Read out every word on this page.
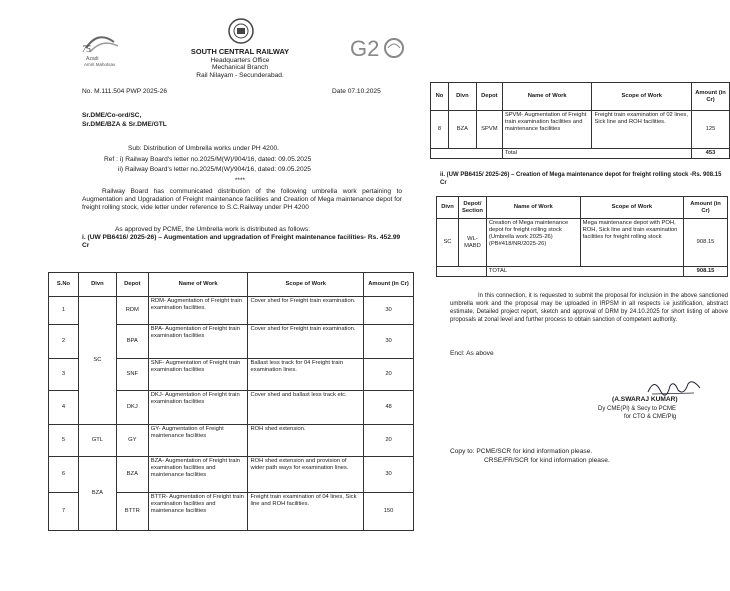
75
Azadi
Amrit Mahotsav
G2
SOUTH CENTRAL RAILWAY
Headquarters Office
Mechanical Branch
Rail Nilayam - Secunderabad.
No. M.111.504 PWP 2025-26	Date 07.10.2025
Sr.DME/Co-ord/SC,
Sr.DME/BZA & Sr.DME/GTL
Sub: Distribution of Umbrella works under PH 4200.
Ref : i) Railway Board's letter no.2025/M(W)/904/16, dated: 09.05.2025
ii) Railway Board's letter no.2025/M(W)/904/16, dated: 09.05.2025
****
Railway Board has communicated distribution of the following umbrella work pertaining to Augmentation and Upgradation of Freight maintenance facilities and Creation of Mega maintenance depot for freight rolling stock, vide letter under reference to S.C.Railway under PH 4200
As approved by PCME, the Umbrella work is distributed as follows:
i. (UW PB6416/ 2025-26) – Augmentation and upgradation of Freight maintenance facilities- Rs. 452.99 Cr
S.No	Divn	Depot	Name of Work	Scope of Work	Amount (in Cr)
1	SC	RDM	RDM- Augmentation of Freight train examination facilities.	Cover shed for Freight train examination.	30
2		BPA	BPA- Augmentation of Freight train examination facilities	Cover shed for Freight train examination.	30
3		SNF	SNF- Augmentation of Freight train examination facilities	Ballast less track for 04 Freight train examination lines.	20
4		DKJ	DKJ- Augmentation of Freight train examination facilities	Cover shed and ballast less track etc.	48
5	GTL	GY	GY- Augmentation of Freight maintenance facilities	ROH shed extension.	20
6	BZA	BZA	BZA- Augmentation of Freight train examination facilities and maintenance facilities	ROH shed extension and provision of wider path ways for examination lines.	30
7		BTTR	BTTR- Augmentation of Freight train examination facilities and maintenance facilities	Freight train examination of 04 lines, Sick line and ROH facilities.	150
No	Divn	Depot	Name of Work	Scope of Work	Amount (in Cr)
8	BZA	SPVM	SPVM- Augmentation of Freight train examination facilities and maintenance facilities	Freight train examination of 02 lines, Sick line and ROH facilities.	125
			Total		453
ii. (UW PB6415/ 2025-26) – Creation of Mega maintenance depot for freight rolling stock -Rs. 908.15 Cr
Divn	Depot/ Section	Name of Work	Scope of Work	Amount (in Cr)
SC	WL-MABD	Creation of Mega maintenance depot for freight rolling stock (Umbrella work 2025-26) (PB#418/NR/2025-26)	Mega maintenance depot with POH, ROH, Sick line and train examination facilities for freight rolling stock	908.15
		TOTAL		908.15
In this connection, it is requested to submit the proposal for inclusion in the above sanctioned umbrella work and the proposal may be uploaded in IRPSM in all respects i.e justification, abstract estimate, Detailed project report, sketch and approval of DRM by 24.10.2025 for short listing of above proposals at zonal level and further process to obtain sanction of competent authority.
Encl: As above
(A.SWARAJ KUMAR)
Dy CME(Pl) & Secy to PCME
for CTO & CME/Plg
Copy to: PCME/SCR for kind information please.
CRSE/FR/SCR for kind information please.
